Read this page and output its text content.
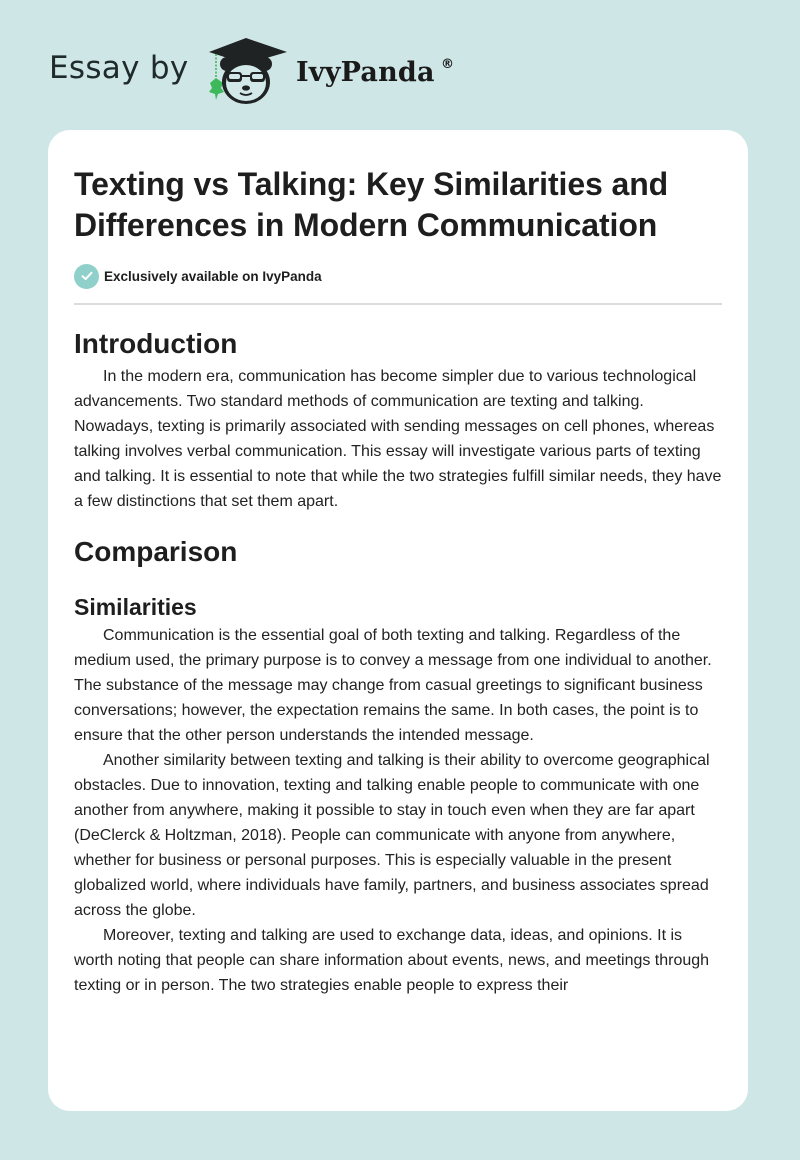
Essay by	IvyPanda ®
Texting vs Talking: Key Similarities and Differences in Modern Communication
Exclusively available on IvyPanda
Introduction

In the modern era, communication has become simpler due to various technological advancements. Two standard methods of communication are texting and talking. Nowadays, texting is primarily associated with sending messages on cell phones, whereas talking involves verbal communication. This essay will investigate various parts of texting and talking. It is essential to note that while the two strategies fulfill similar needs, they have a few distinctions that set them apart.

Comparison
Similarities

Communication is the essential goal of both texting and talking. Regardless of the medium used, the primary purpose is to convey a message from one individual to another. The substance of the message may change from casual greetings to significant business conversations; however, the expectation remains the same. In both cases, the point is to ensure that the other person understands the intended message.

Another similarity between texting and talking is their ability to overcome geographical obstacles. Due to innovation, texting and talking enable people to communicate with one another from anywhere, making it possible to stay in touch even when they are far apart (DeClerck & Holtzman, 2018). People can communicate with anyone from anywhere, whether for business or personal purposes. This is especially valuable in the present globalized world, where individuals have family, partners, and business associates spread across the globe.

Moreover, texting and talking are used to exchange data, ideas, and opinions. It is worth noting that people can share information about events, news, and meetings through texting or in person. The two strategies enable people to express their
